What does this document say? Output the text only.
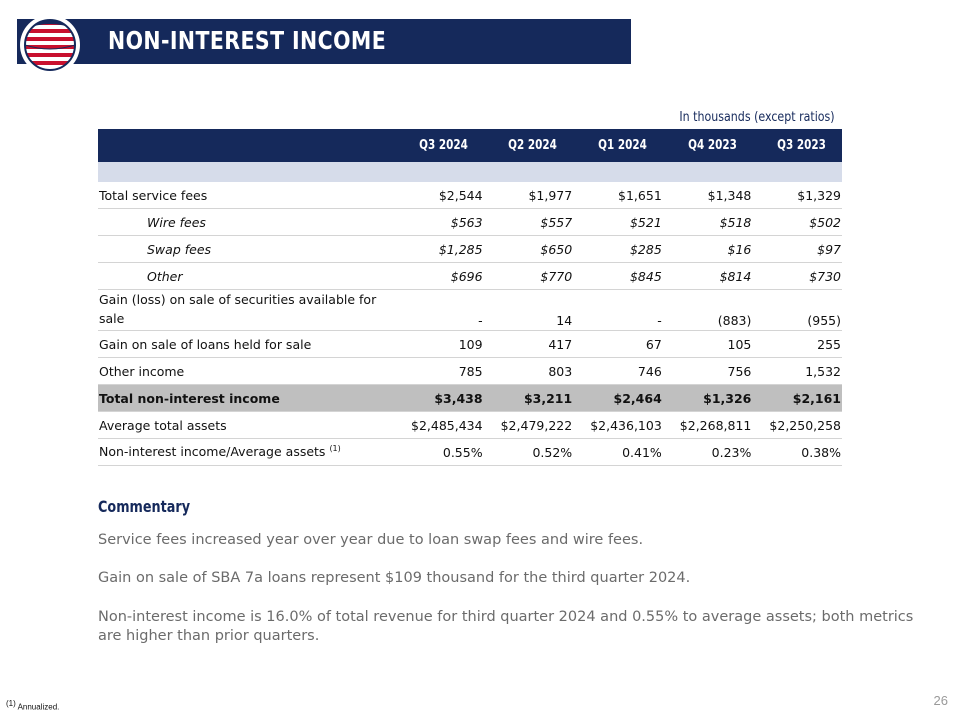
NON-INTEREST INCOME
In thousands (except ratios)
	Q3 2024	Q2 2024	Q1 2024	Q4 2023	Q3 2023

Total service fees	$2,544	$1,977	$1,651	$1,348	$1,329
Wire fees	$563	$557	$521	$518	$502
Swap fees	$1,285	$650	$285	$16	$97
Other	$696	$770	$845	$814	$730
Gain (loss) on sale of securities available for sale	-	14	-	(883)	(955)
Gain on sale of loans held for sale	109	417	67	105	255
Other income	785	803	746	756	1,532
Total non-interest income	$3,438	$3,211	$2,464	$1,326	$2,161
Average total assets	$2,485,434	$2,479,222	$2,436,103	$2,268,811	$2,250,258
Non-interest income/Average assets $^{(1)}$	0.55%	0.52%	0.41%	0.23%	0.38%
Commentary
Service fees increased year over year due to loan swap fees and wire fees.
Gain on sale of SBA 7a loans represent $109 thousand for the third quarter 2024.
Non-interest income is 16.0% of total revenue for third quarter 2024 and 0.55% to average assets; both metrics are higher than prior quarters.
$^{(1)}$ Annualized.	26
